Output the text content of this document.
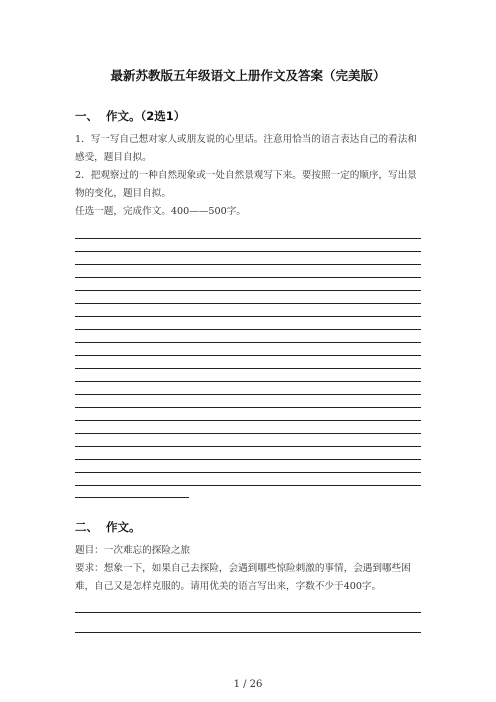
最新苏教版五年级语文上册作文及答案（完美版）
一、 作文。（2选1）
1．写一写自己想对家人或朋友说的心里话。注意用恰当的语言表达自己的看法和感受，题目自拟。
2．把观察过的一种自然现象或一处自然景观写下来。要按照一定的顺序，写出景物的变化，题目自拟。
任选一题，完成作文。400——500字。
二、 作文。
题目：一次难忘的探险之旅
要求：想象一下，如果自己去探险，会遇到哪些惊险刺激的事情，会遇到哪些困难，自己又是怎样克服的。请用优美的语言写出来，字数不少于400字。
1 / 26
